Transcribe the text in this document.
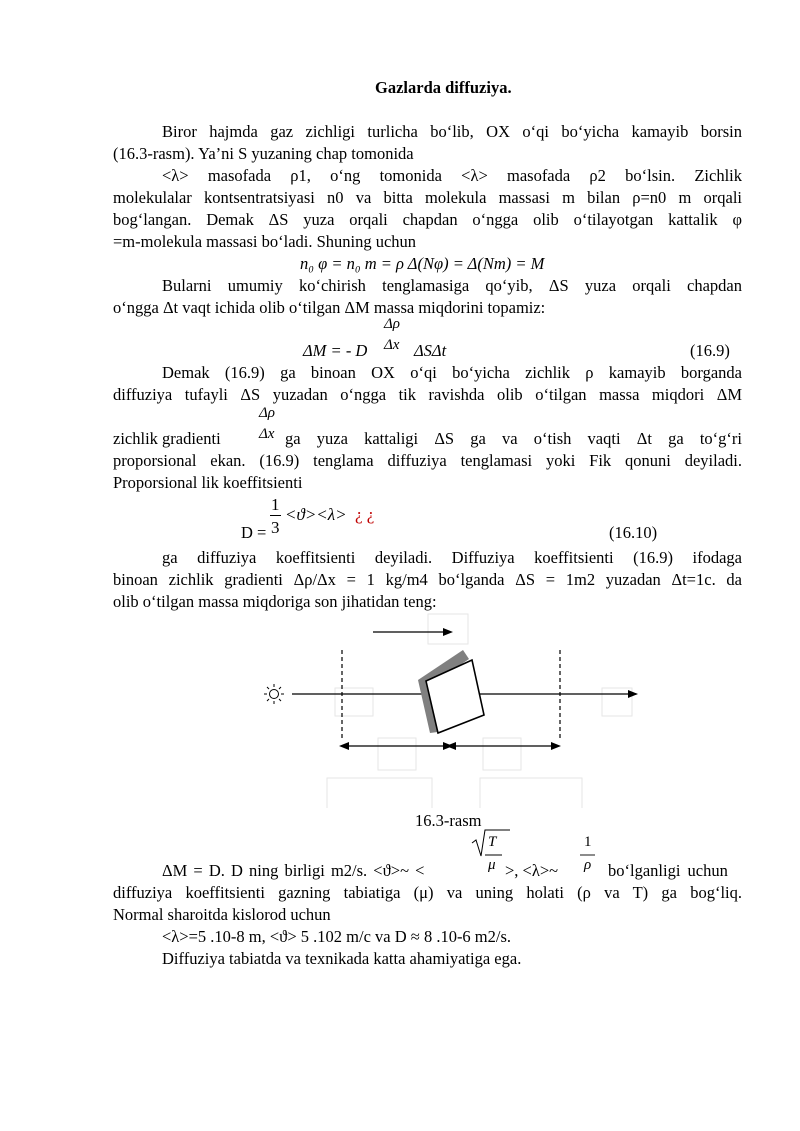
Gazlarda diffuziya.
Biror hajmda gaz zichligi turlicha bo‘lib, OX o‘qi bo‘yicha kamayib borsin
(16.3-rasm). Ya’ni S yuzaning chap tomonida
<λ> masofada ρ1, o‘ng tomonida <λ> masofada ρ2 bo‘lsin. Zichlik
molekulalar kontsentratsiyasi n0 va bitta molekula massasi m bilan ρ=n0 m orqali
bog‘langan. Demak ΔS yuza orqali chapdan o‘ngga olib o‘tilayotgan kattalik φ
=m-molekula massasi bo‘ladi. Shuning uchun
n₀ φ = n₀ m = ρ Δ(Nφ) = Δ(Nm) = M
Bularni umumiy ko‘chirish tenglamasiga qo‘yib, ΔS yuza orqali chapdan
o‘ngga Δt vaqt ichida olib o‘tilgan ΔM massa miqdorini topamiz:
Δρ
Δx
ΔM = - D	ΔSΔt	(16.9)
Demak (16.9) ga binoan OX o‘qi bo‘yicha zichlik ρ kamayib borganda
diffuziya tufayli ΔS yuzadan o‘ngga tik ravishda olib o‘tilgan massa miqdori ΔM
Δρ
Δx
zichlik gradienti	ga yuza kattaligi ΔS ga va o‘tish vaqti Δt ga to‘g‘ri
proporsional ekan. (16.9) tenglama diffuziya tenglamasi yoki Fik qonuni deyiladi.
Proporsional lik koeffitsienti
1
3
<ϑ><λ> ¿ ¿
D =	(16.10)
ga diffuziya koeffitsienti deyiladi. Diffuziya koeffitsienti (16.9) ifodaga
binoan zichlik gradienti Δρ/Δx = 1 kg/m4 bo‘lganda ΔS = 1m2 yuzadan Δt=1c. da
olib o‘tilgan massa miqdoriga son jihatidan teng:
16.3-rasm
T
μ
1
ρ
ΔM = D. D ning birligi m2/s. <ϑ>~ <	>, <λ>~	bo‘lganligi uchun
diffuziya koeffitsienti gazning tabiatiga (μ) va uning holati (ρ va T) ga bog‘liq.
Normal sharoitda kislorod uchun
<λ>=5 .10-8 m, <ϑ> 5 .102 m/c va D ≈ 8 .10-6 m2/s.
Diffuziya tabiatda va texnikada katta ahamiyatiga ega.
